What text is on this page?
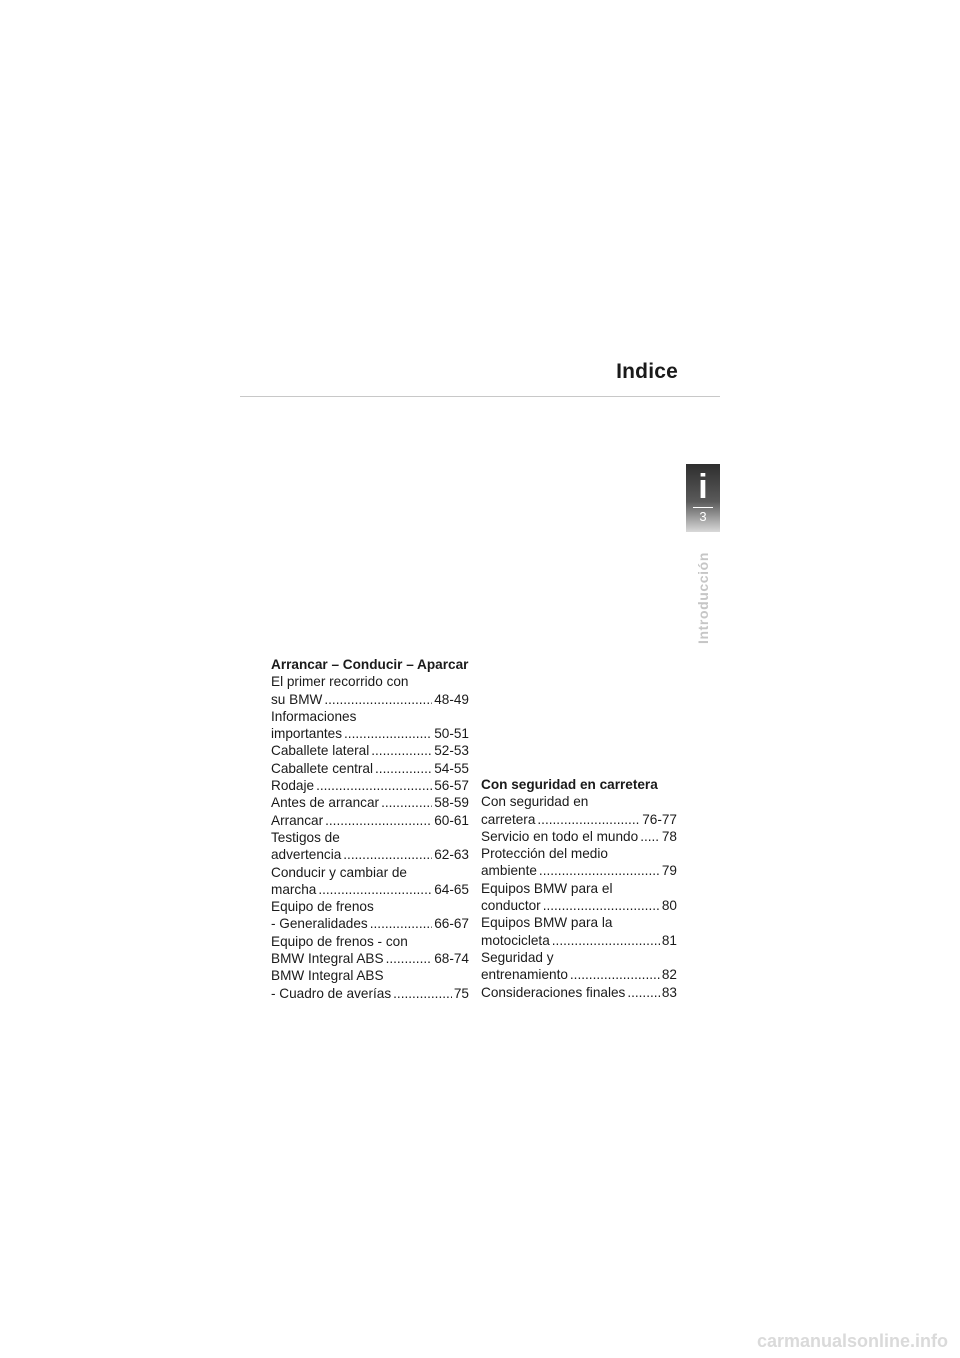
Indice
i
3
Introducción
Arrancar – Conducir – Aparcar
El primer recorrido con
su BMW .....	48-49
Informaciones
importantes .....	50-51
Caballete lateral .....	52-53
Caballete central .....	54-55
Rodaje .....	56-57
Antes de arrancar .....	58-59
Arrancar .....	60-61
Testigos de
advertencia .....	62-63
Conducir y cambiar de
marcha .....	64-65
Equipo de frenos
- Generalidades .....	66-67
Equipo de frenos - con
BMW Integral ABS .....	68-74
BMW Integral ABS
- Cuadro de averías .....	75
Con seguridad en carretera
Con seguridad en
carretera .....	76-77
Servicio en todo el mundo ..... 78
Protección del medio
ambiente .....	79
Equipos BMW para el
conductor .....	80
Equipos BMW para la
motocicleta .....	81
Seguridad y
entrenamiento .....	82
Consideraciones finales .....	83
carmanualsonline.info
